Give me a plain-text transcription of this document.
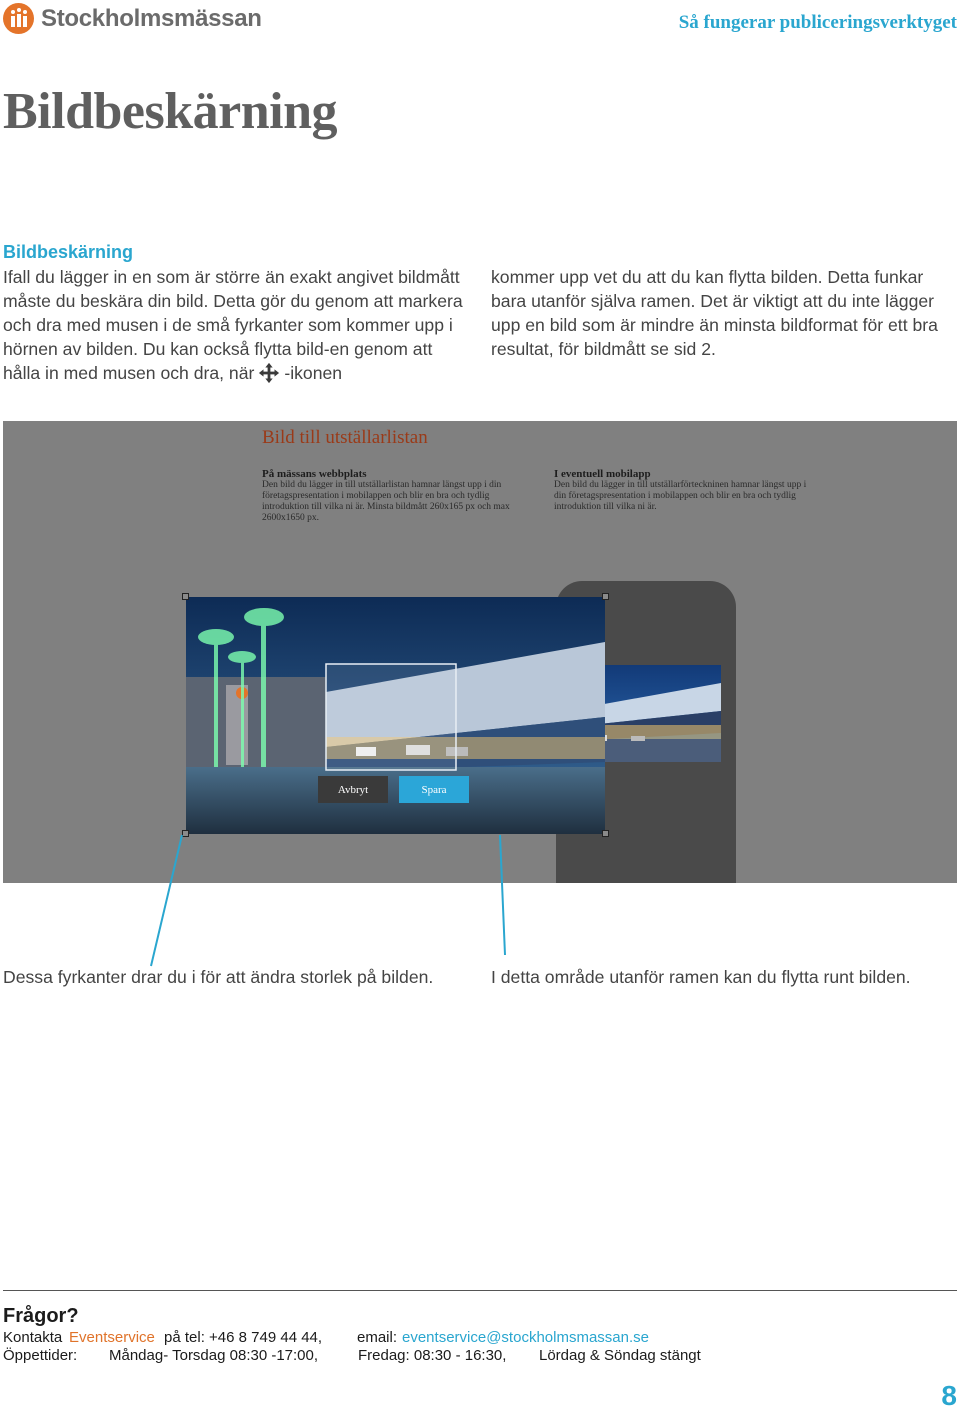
Stockholmsmässan	Så fungerar publiceringsverktyget
Bildbeskärning
Bildbeskärning

Ifall du lägger in en som är större än exakt angivet bildmått måste du beskära din bild. Detta gör du genom att markera och dra med musen i de små fyrkanter som kommer upp i hörnen av bilden. Du kan också flytta bild-en genom att hålla in med musen och dra, när -ikonen

kommer upp vet du att du kan flytta bilden. Detta funkar bara utanför själva ramen. Det är viktigt att du inte lägger upp en bild som är mindre än minsta bildformat för ett bra resultat, för bildmått se sid 2.

Bild till utställarlistan
På mässans webbplats
Den bild du lägger in till utställarlistan hamnar längst upp i din företagspresentation i mobilappen och blir en bra och tydlig introduktion till vilka ni är. Minsta bildmått 260x165 px och max 2600x1650 px.
I eventuell mobilapp
Den bild du lägger in till utställarförteckninen hamnar längst upp i din företagspresentation i mobilappen och blir en bra och tydlig introduktion till vilka ni är.
Avbryt	Spara
Dessa fyrkanter drar du i för att ändra storlek på bilden.	I detta område utanför ramen kan du flytta runt bilden.
Frågor?
Kontakta Eventservice på tel: +46 8 749 44 44, email: eventservice@stockholmsmassan.se
Öppettider: Måndag- Torsdag 08:30 -17:00,	Fredag: 08:30 - 16:30, Lördag & Söndag stängt
8
